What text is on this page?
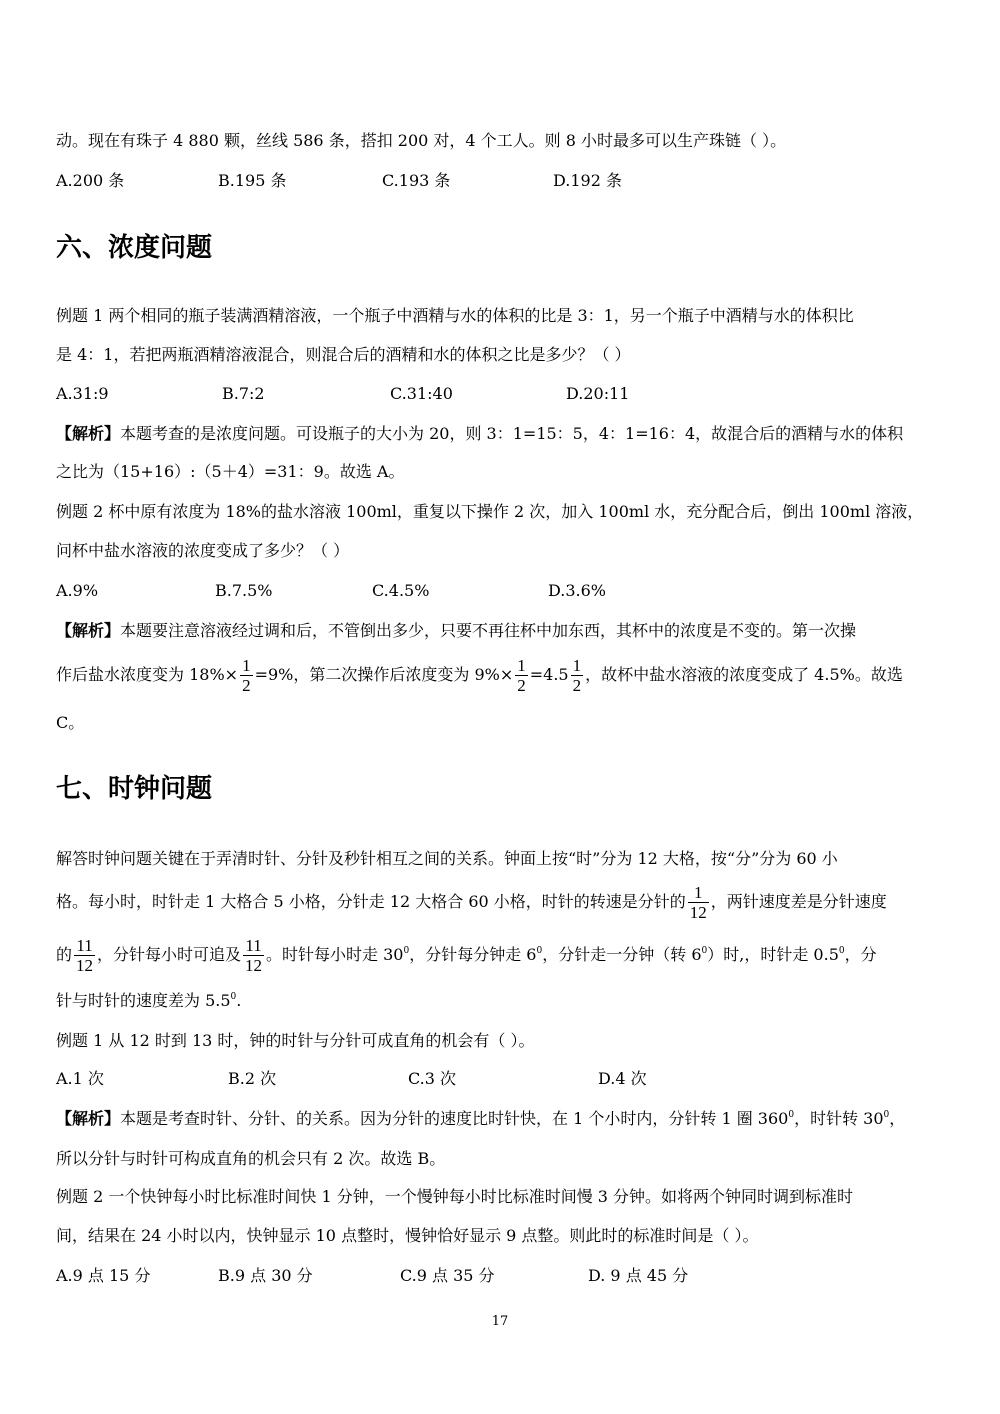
动。现在有珠子 4 880 颗，丝线 586 条，搭扣 200 对，4 个工人。则 8 小时最多可以生产珠链（ ）。
A.200 条	B.195 条	C.193 条	D.192 条
六、浓度问题
例题 1 两个相同的瓶子装满酒精溶液，一个瓶子中酒精与水的体积的比是 3：1，另一个瓶子中酒精与水的体积比
是 4：1，若把两瓶酒精溶液混合，则混合后的酒精和水的体积之比是多少？（ ）
A.31:9	B.7:2	C.31:40	D.20:11
【解析】本题考查的是浓度问题。可设瓶子的大小为 20，则 3：1=15：5，4：1=16：4，故混合后的酒精与水的体积
之比为（15+16）:（5＋4）=31：9。故选 A。
例题 2 杯中原有浓度为 18%的盐水溶液 100ml，重复以下操作 2 次，加入 100ml 水，充分配合后，倒出 100ml 溶液，
问杯中盐水溶液的浓度变成了多少？（ ）
A.9%	B.7.5%	C.4.5%	D.3.6%
【解析】本题要注意溶液经过调和后，不管倒出多少，只要不再往杯中加东西，其杯中的浓度是不变的。第一次操
作后盐水浓度变为 $18\%\times \frac{1}{2} =9\%$，第二次操作后浓度变为 $9\%\times \frac{1}{2} =4.5 \frac{1}{2}$ ，故杯中盐水溶液的浓度变成了 4.5%。故选
C。
七、时钟问题
解答时钟问题关键在于弄清时针、分针及秒针相互之间的关系。钟面上按“时”分为 12 大格，按“分”分为 60 小
格。每小时，时针走 1 大格合 5 小格，分针走 12 大格合 60 小格，时针的转速是分针的 $\frac{1}{12}$ ，两针速度差是分针速度
的 $\frac{11}{12}$ ，分针每小时可追及 $\frac{11}{12}$ 。时针每小时走 $30^0$，分针每分钟走 $6^0$，分针走一分钟（转 $6^0$）时,，时针走 $0.5^0$，分
针与时针的速度差为 $5.5^0$.
例题 1 从 12 时到 13 时，钟的时针与分针可成直角的机会有（ ）。
A.1 次	B.2 次	C.3 次	D.4 次
【解析】本题是考查时针、分针、的关系。因为分针的速度比时针快，在 1 个小时内，分针转 1 圈 $360^0$，时针转 $30^0$，
所以分针与时针可构成直角的机会只有 2 次。故选 B。
例题 2 一个快钟每小时比标准时间快 1 分钟，一个慢钟每小时比标准时间慢 3 分钟。如将两个钟同时调到标准时
间，结果在 24 小时以内，快钟显示 10 点整时，慢钟恰好显示 9 点整。则此时的标准时间是（ ）。
A.9 点 15 分	B.9 点 30 分	C.9 点 35 分	D. 9 点 45 分
17
